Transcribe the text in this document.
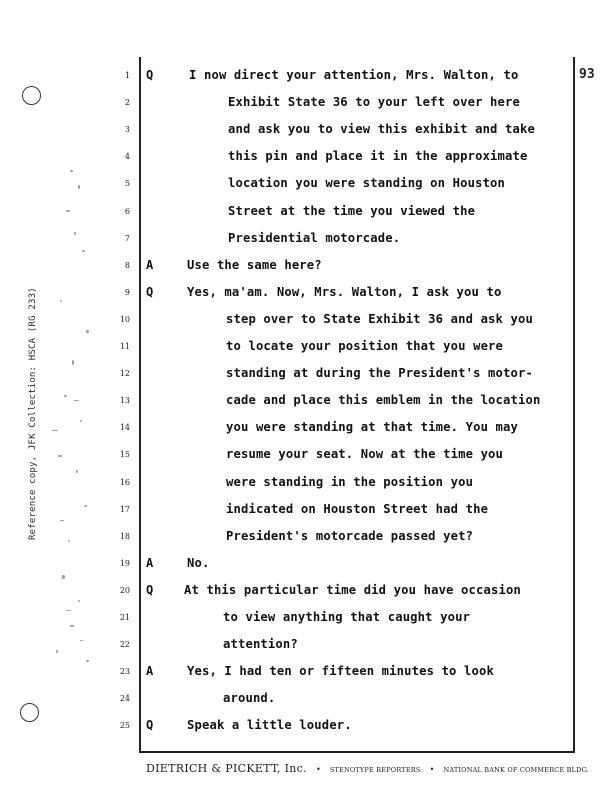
Reference copy, JFK Collection: HSCA (RG 233)
93
1 Q	I now direct your attention, Mrs. Walton, to
2	Exhibit State 36 to your left over here
3	and ask you to view this exhibit and take
4	this pin and place it in the approximate
5	location you were standing on Houston
6	Street at the time you viewed the
7	Presidential motorcade.
8 A	Use the same here?
9 Q	Yes, ma'am. Now, Mrs. Walton, I ask you to
10	step over to State Exhibit 36 and ask you
11	to locate your position that you were
12	standing at during the President's motor-
13	cade and place this emblem in the location
14	you were standing at that time. You may
15	resume your seat. Now at the time you
16	were standing in the position you
17	indicated on Houston Street had the
18	President's motorcade passed yet?
19 A	No.
20 Q	At this particular time did you have occasion
21	to view anything that caught your
22	attention?
23 A	Yes, I had ten or fifteen minutes to look
24	around.
25 Q	Speak a little louder.
DIETRICH & PICKETT, Inc. • STENOTYPE REPORTERS • NATIONAL BANK OF COMMERCE BLDG.
